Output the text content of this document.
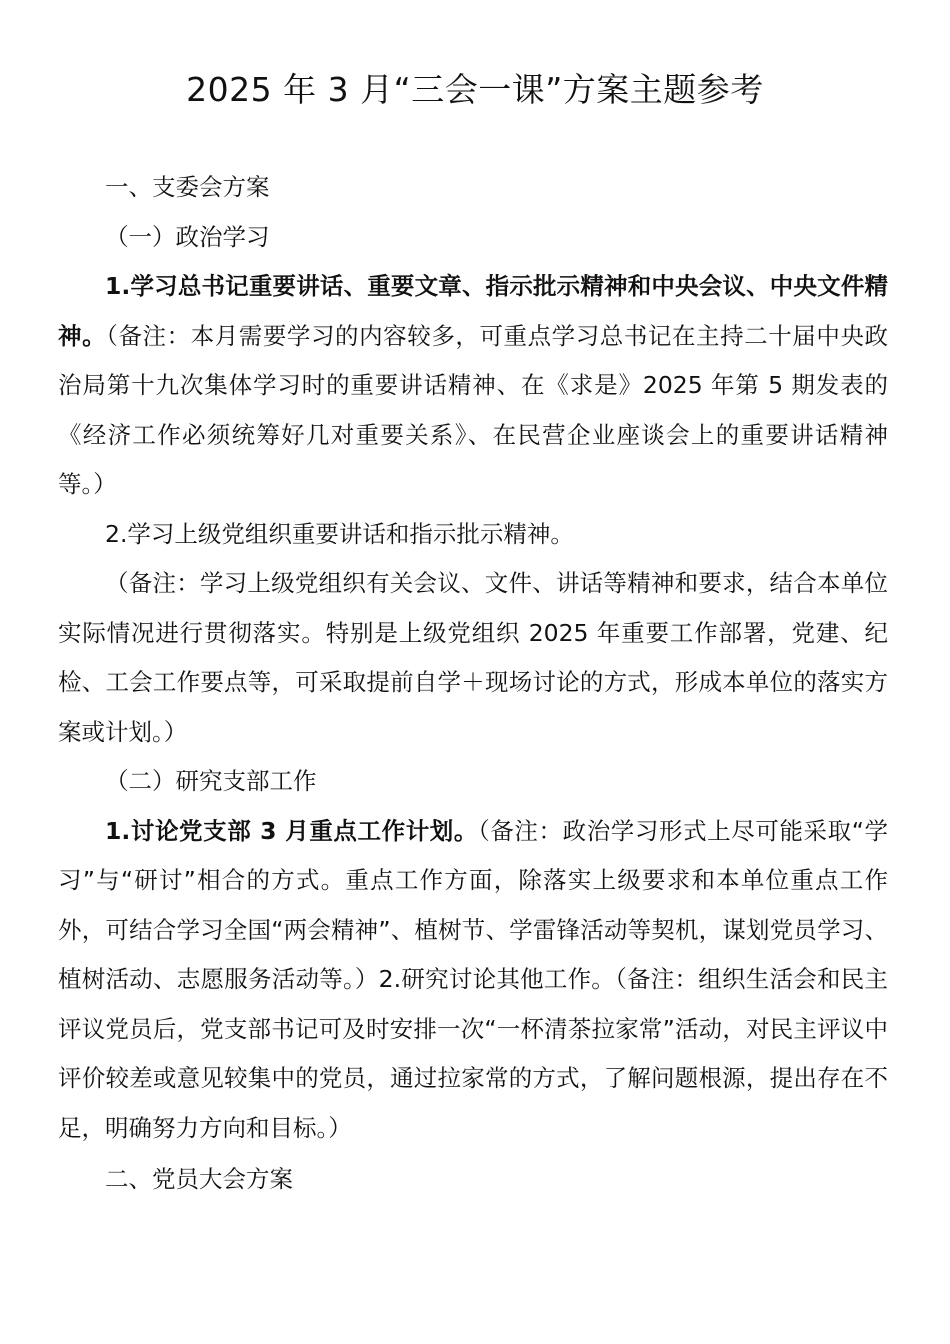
2025 年 3 月“三会一课”方案主题参考

一、支委会方案

（一）政治学习

1.学习总书记重要讲话、重要文章、指示批示精神和中央会议、中央文件精神。（备注：本月需要学习的内容较多，可重点学习总书记在主持二十届中央政治局第十九次集体学习时的重要讲话精神、在《求是》2025 年第 5 期发表的《经济工作必须统筹好几对重要关系》、在民营企业座谈会上的重要讲话精神等。）

2.学习上级党组织重要讲话和指示批示精神。

（备注：学习上级党组织有关会议、文件、讲话等精神和要求，结合本单位实际情况进行贯彻落实。特别是上级党组织 2025 年重要工作部署，党建、纪检、工会工作要点等，可采取提前自学＋现场讨论的方式，形成本单位的落实方案或计划。）

（二）研究支部工作

1.讨论党支部 3 月重点工作计划。（备注：政治学习形式上尽可能采取“学习”与“研讨”相合的方式。重点工作方面，除落实上级要求和本单位重点工作外，可结合学习全国“两会精神”、植树节、学雷锋活动等契机，谋划党员学习、植树活动、志愿服务活动等。）2.研究讨论其他工作。（备注：组织生活会和民主评议党员后，党支部书记可及时安排一次“一杯清茶拉家常”活动，对民主评议中评价较差或意见较集中的党员，通过拉家常的方式，了解问题根源，提出存在不足，明确努力方向和目标。）

二、党员大会方案
